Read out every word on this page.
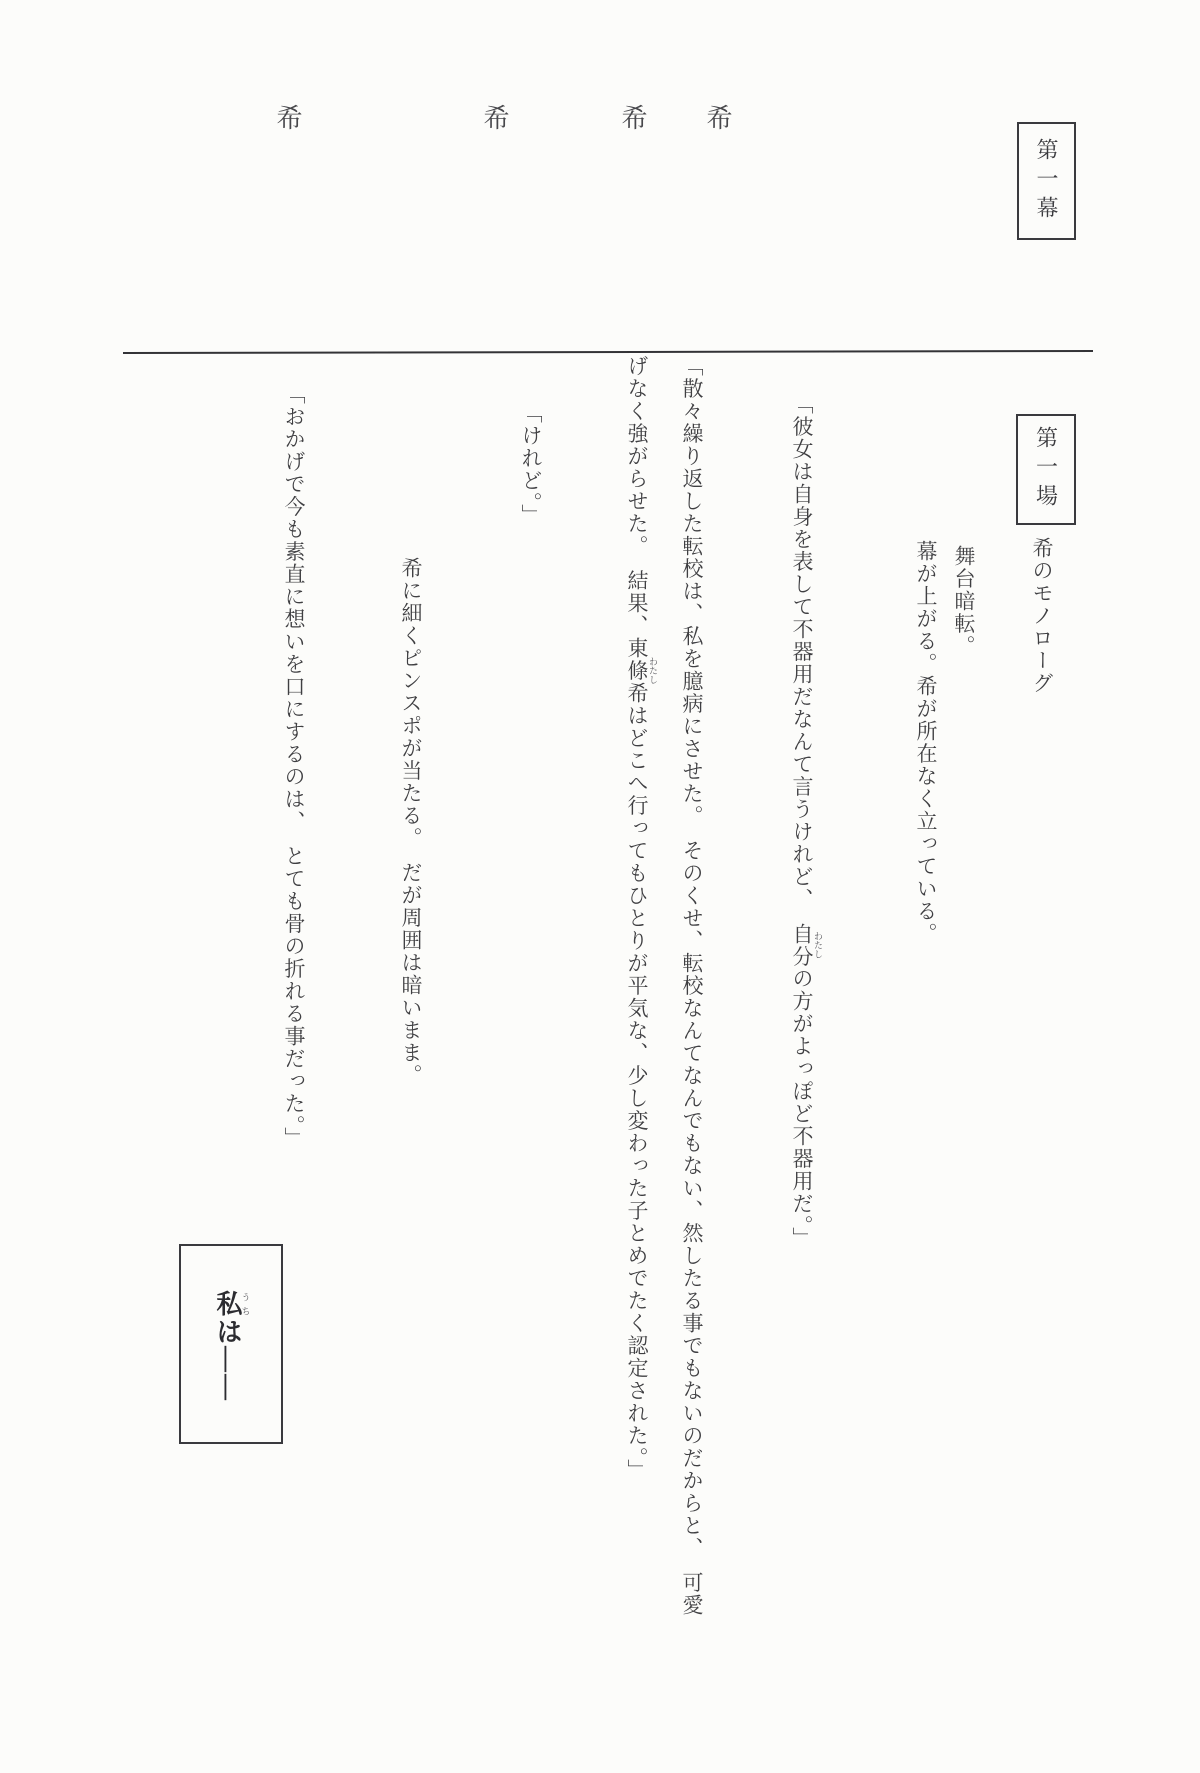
第一幕
希	希	希 希
第一場
希のモノローグ
舞台暗転。
幕が上がる。希が所在なく立っている。
「彼女は自身を表して不器用だなんて言うけれど、　自分 わたしの方がよっぽど不器用だ。」
「散々繰り返した転校は、私を臆病にさせた。　そのくせ、転校なんてなんでもない、然したる事でもないのだからと、　可愛
げなく強がらせた。　結果、東條希 わたしはどこへ行ってもひとりが平気な、少し変わった子とめでたく認定された。」
「けれど。」
希に細くピンスポが当たる。　だが周囲は暗いまま。
「おかげで今も素直に想いを口にするのは、　とても骨の折れる事だった。」
私うちは――
